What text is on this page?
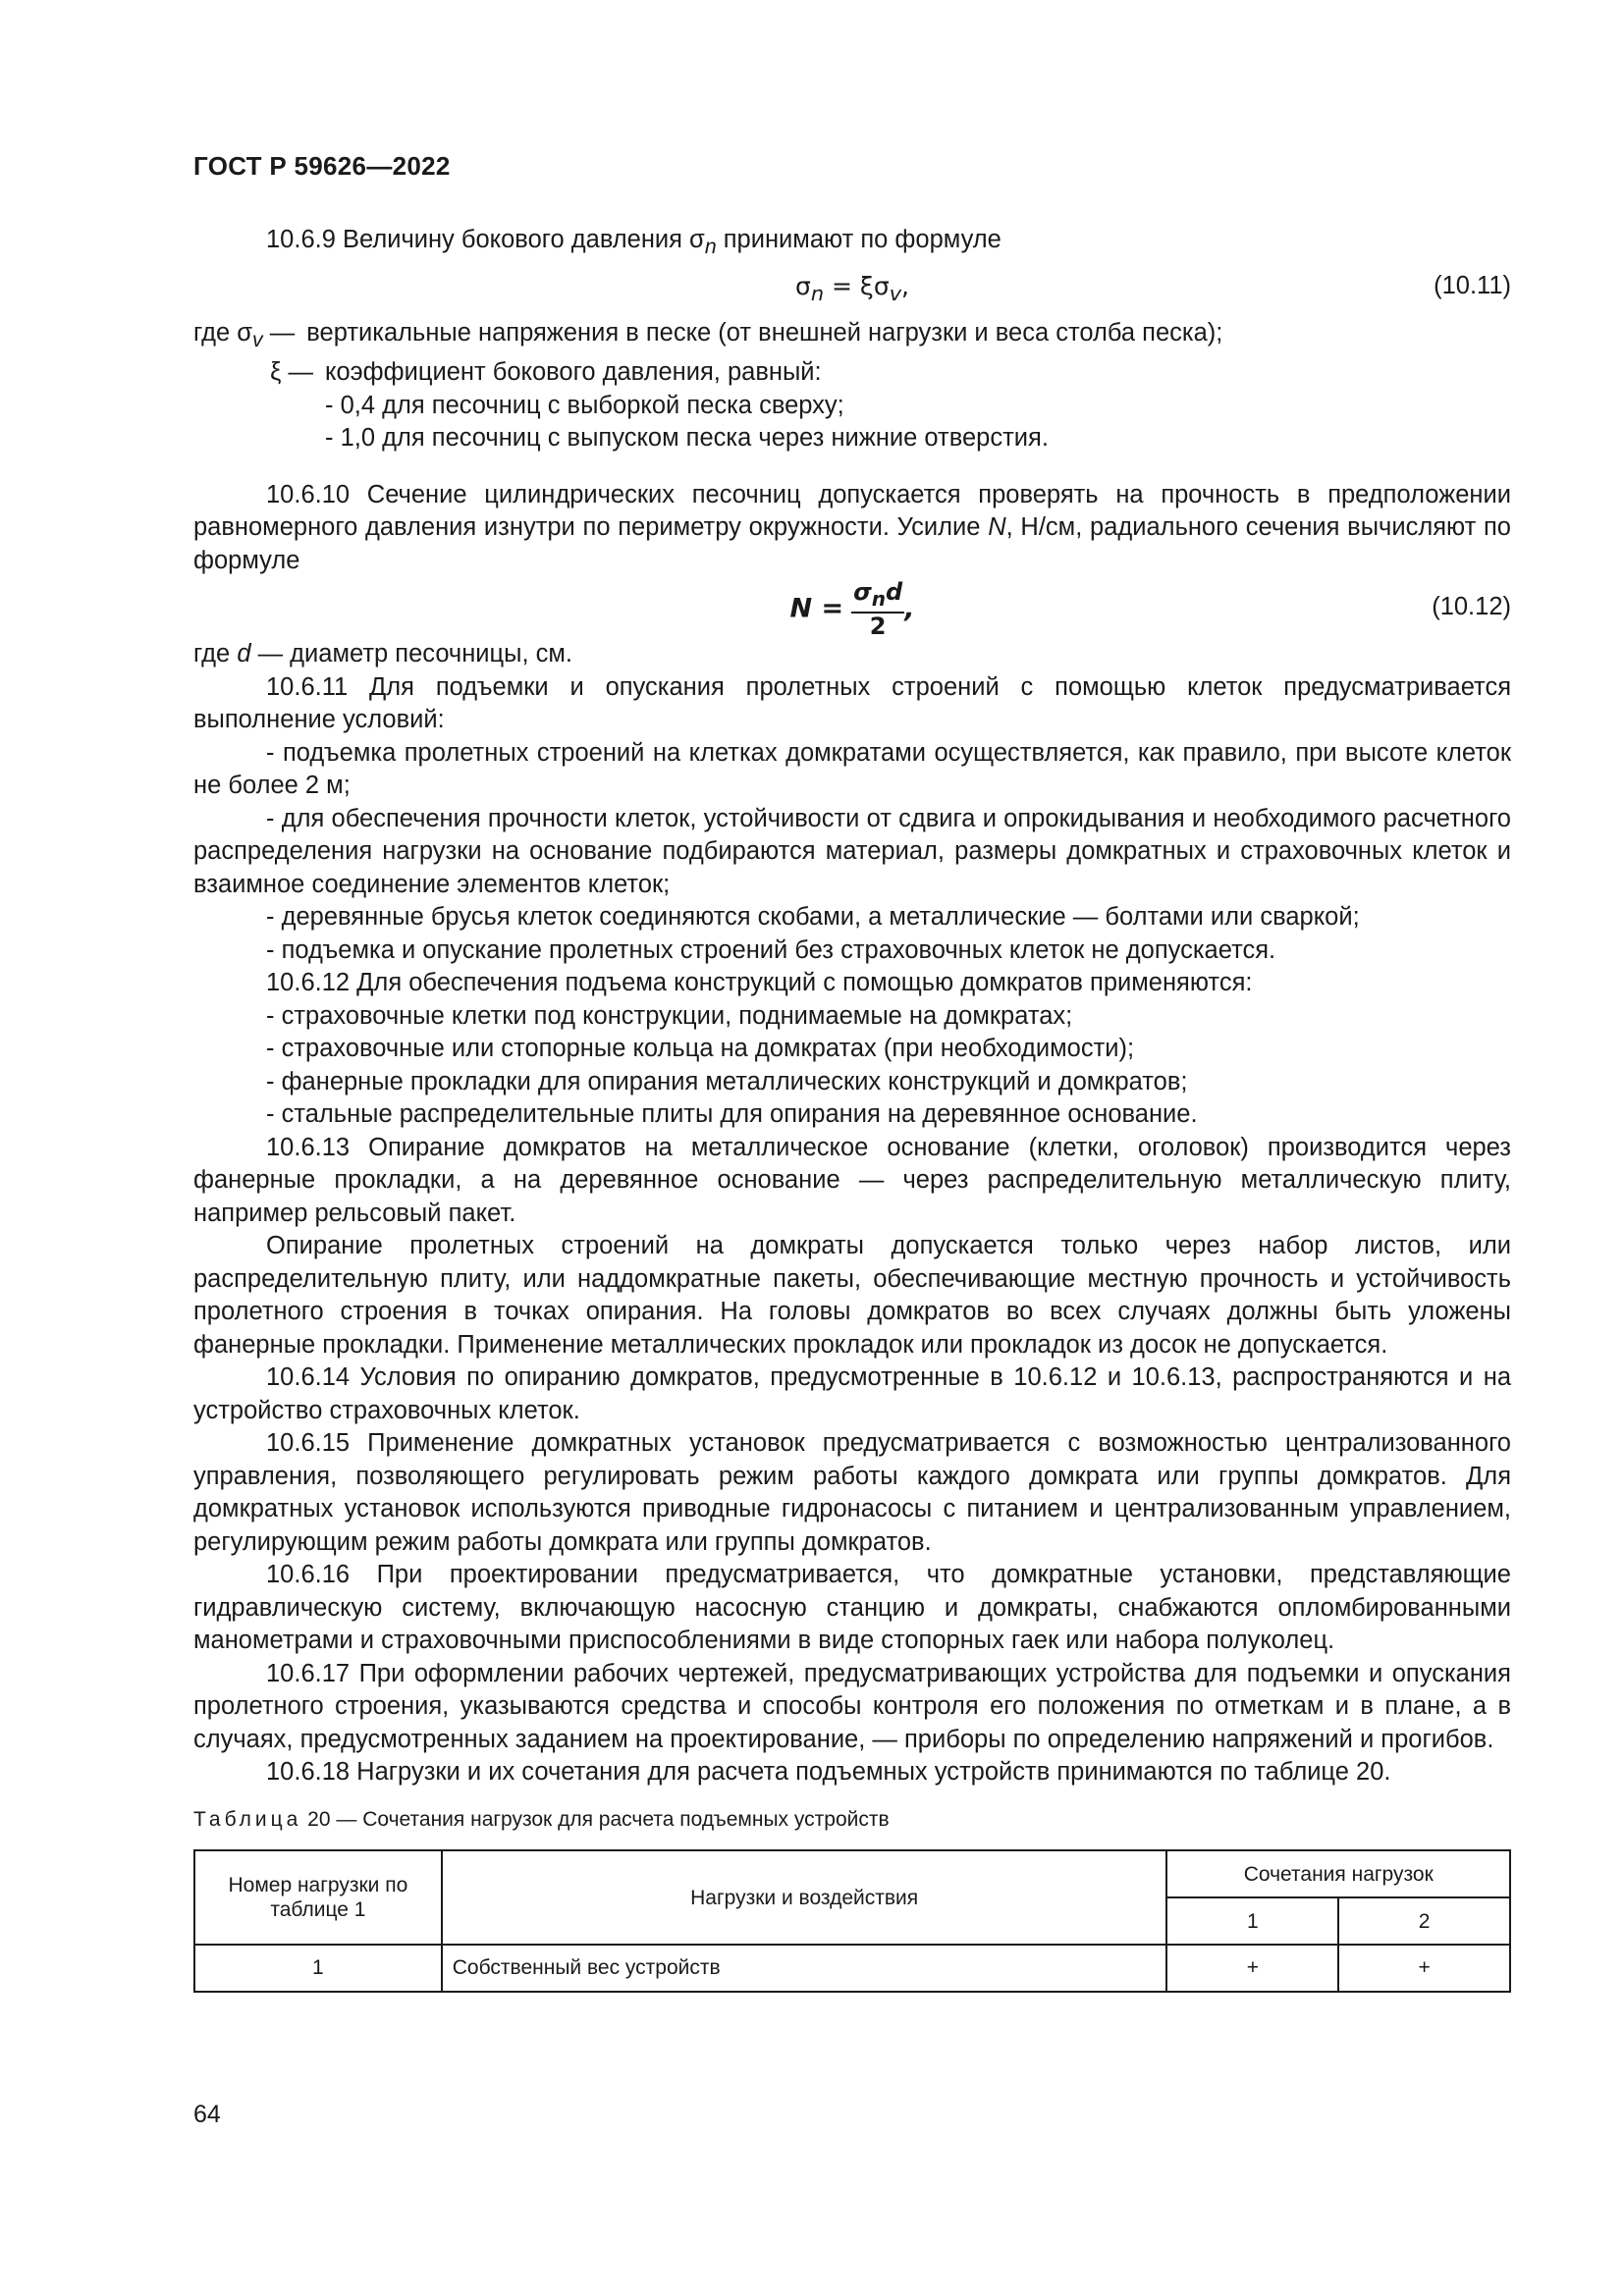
ГОСТ Р 59626—2022

10.6.9 Величину бокового давления $\sigma_n$ принимают по формуле

$\sigma_n = \xi\sigma_v$,	(10.11)
где $\sigma_v$ — вертикальные напряжения в песке (от внешней нагрузки и веса столба песка);
ξ — коэффициент бокового давления, равный:
- 0,4 для песочниц с выборкой песка сверху;
- 1,0 для песочниц с выпуском песка через нижние отверстия.

10.6.10 Сечение цилиндрических песочниц допускается проверять на прочность в предположении равномерного давления изнутри по периметру окружности. Усилие N, Н/см, радиального сечения вычисляют по формуле

$N = \frac{\sigma_nd}{2}$ ,	(10.12)

где d — диаметр песочницы, см.

10.6.11 Для подъемки и опускания пролетных строений с помощью клеток предусматривается выполнение условий:

- подъемка пролетных строений на клетках домкратами осуществляется, как правило, при высоте клеток не более 2 м;

- для обеспечения прочности клеток, устойчивости от сдвига и опрокидывания и необходимого расчетного распределения нагрузки на основание подбираются материал, размеры домкратных и страховочных клеток и взаимное соединение элементов клеток;

- деревянные брусья клеток соединяются скобами, а металлические — болтами или сваркой;

- подъемка и опускание пролетных строений без страховочных клеток не допускается.

10.6.12 Для обеспечения подъема конструкций с помощью домкратов применяются:

- страховочные клетки под конструкции, поднимаемые на домкратах;

- страховочные или стопорные кольца на домкратах (при необходимости);

- фанерные прокладки для опирания металлических конструкций и домкратов;

- стальные распределительные плиты для опирания на деревянное основание.

10.6.13 Опирание домкратов на металлическое основание (клетки, оголовок) производится через фанерные прокладки, а на деревянное основание — через распределительную металлическую плиту, например рельсовый пакет.

Опирание пролетных строений на домкраты допускается только через набор листов, или распределительную плиту, или наддомкратные пакеты, обеспечивающие местную прочность и устойчивость пролетного строения в точках опирания. На головы домкратов во всех случаях должны быть уложены фанерные прокладки. Применение металлических прокладок или прокладок из досок не допускается.

10.6.14 Условия по опиранию домкратов, предусмотренные в 10.6.12 и 10.6.13, распространяются и на устройство страховочных клеток.

10.6.15 Применение домкратных установок предусматривается с возможностью централизованного управления, позволяющего регулировать режим работы каждого домкрата или группы домкратов. Для домкратных установок используются приводные гидронасосы с питанием и централизованным управлением, регулирующим режим работы домкрата или группы домкратов.

10.6.16 При проектировании предусматривается, что домкратные установки, представляющие гидравлическую систему, включающую насосную станцию и домкраты, снабжаются опломбированными манометрами и страховочными приспособлениями в виде стопорных гаек или набора полуколец.

10.6.17 При оформлении рабочих чертежей, предусматривающих устройства для подъемки и опускания пролетного строения, указываются средства и способы контроля его положения по отметкам и в плане, а в случаях, предусмотренных заданием на проектирование, — приборы по определению напряжений и прогибов.

10.6.18 Нагрузки и их сочетания для расчета подъемных устройств принимаются по таблице 20.

Таблица 20 — Сочетания нагрузок для расчета подъемных устройств
Номер нагрузки по таблице 1	Нагрузки и воздействия	Сочетания нагрузок	
		1	2
1	Собственный вес устройств	+	+
64
